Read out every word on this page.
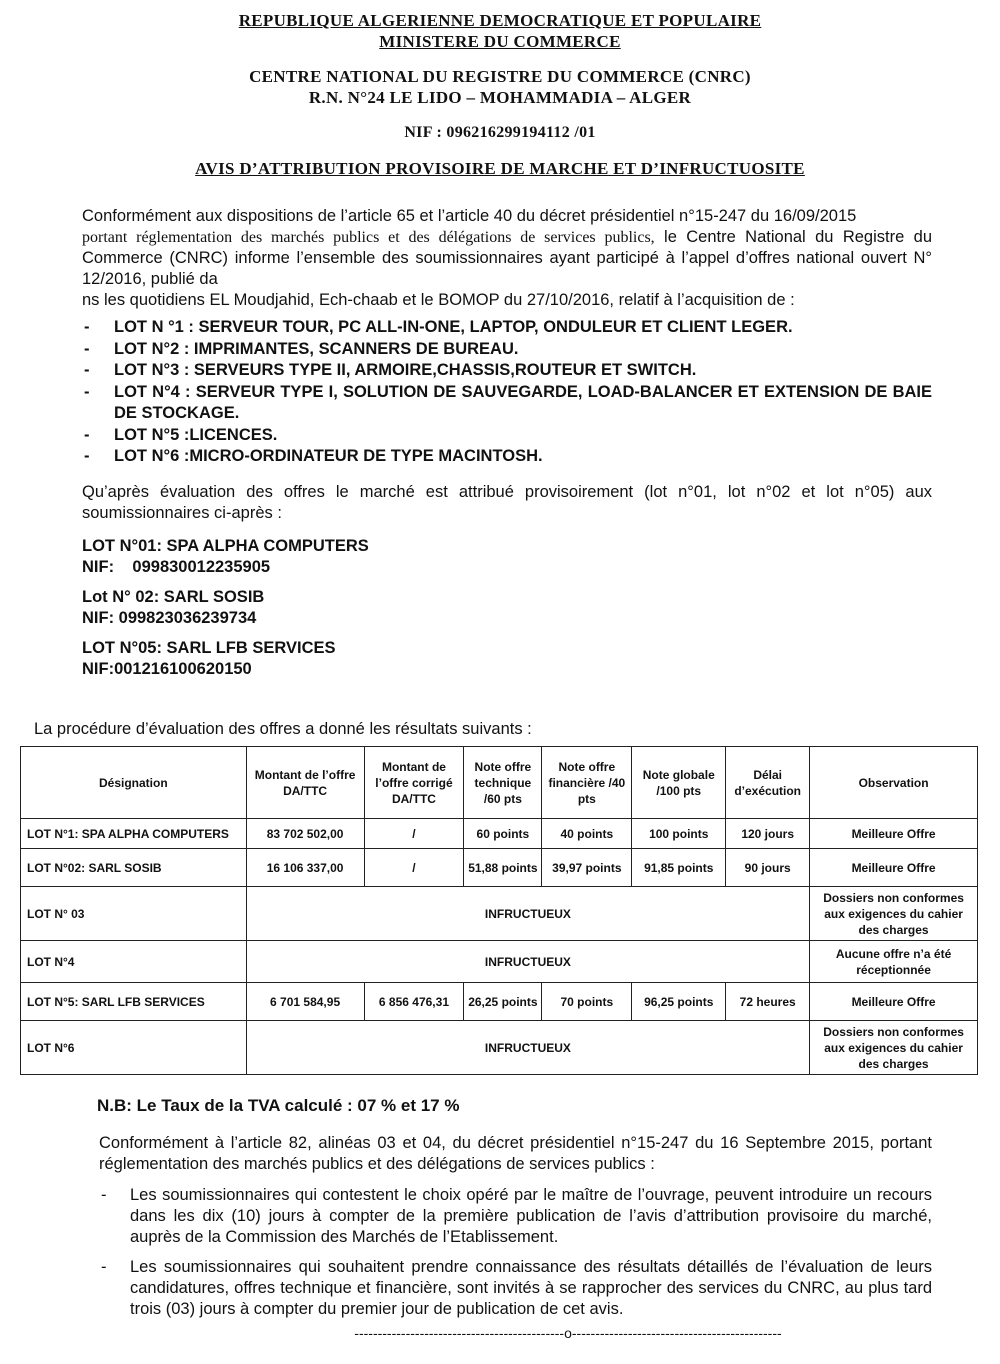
REPUBLIQUE ALGERIENNE DEMOCRATIQUE ET POPULAIRE
MINISTERE DU COMMERCE
CENTRE NATIONAL DU REGISTRE DU COMMERCE (CNRC)
R.N. N°24 LE LIDO – MOHAMMADIA – ALGER
NIF : 096216299194112 /01
AVIS D’ATTRIBUTION PROVISOIRE DE MARCHE ET D’INFRUCTUOSITE
Conformément aux dispositions de l’article 65 et l’article 40 du décret présidentiel n°15-247 du 16/09/2015
portant réglementation des marchés publics et des délégations de services publics, le Centre National du Registre du Commerce (CNRC) informe l’ensemble des soumissionnaires ayant participé à l’appel d’offres national ouvert N° 12/2016, publié da
ns les quotidiens EL Moudjahid, Ech-chaab et le BOMOP du 27/10/2016, relatif à l’acquisition de :
- LOT N °1 : SERVEUR TOUR, PC ALL-IN-ONE, LAPTOP, ONDULEUR ET CLIENT LEGER.
- LOT N°2 : IMPRIMANTES, SCANNERS DE BUREAU.
- LOT N°3 : SERVEURS TYPE II, ARMOIRE,CHASSIS,ROUTEUR ET SWITCH.
- LOT N°4 : SERVEUR TYPE I, SOLUTION DE SAUVEGARDE, LOAD-BALANCER ET EXTENSION DE BAIE DE STOCKAGE.
- LOT N°5 :LICENCES.
- LOT N°6 :MICRO-ORDINATEUR DE TYPE MACINTOSH.
Qu’après évaluation des offres le marché est attribué provisoirement (lot n°01, lot n°02 et lot n°05) aux soumissionnaires ci-après :
LOT N°01: SPA ALPHA COMPUTERS
NIF:    099830012235905
Lot N° 02: SARL SOSIB
NIF: 099823036239734
LOT N°05: SARL LFB SERVICES
NIF:001216100620150
La procédure d’évaluation des offres a donné les résultats suivants :
Désignation	Montant de l’offre DA/TTC	Montant de l’offre corrigé DA/TTC	Note offre technique /60 pts	Note offre financière /40 pts	Note globale /100 pts	Délai d’exécution	Observation
LOT N°1: SPA ALPHA COMPUTERS	83 702 502,00	/	60 points	40 points	100 points	120 jours	Meilleure Offre
LOT N°02: SARL SOSIB	16 106 337,00	/	51,88 points	39,97 points	91,85 points	90 jours	Meilleure Offre
LOT N° 03	INFRUCTUEUX						Dossiers non conformes aux exigences du cahier des charges
LOT N°4	INFRUCTUEUX						Aucune offre n’a été réceptionnée
LOT N°5: SARL LFB SERVICES	6 701 584,95	6 856 476,31	26,25 points	70 points	96,25 points	72 heures	Meilleure Offre
LOT N°6	INFRUCTUEUX						Dossiers non conformes aux exigences du cahier des charges
N.B: Le Taux de la TVA calculé : 07 % et 17 %
Conformément à l’article 82, alinéas 03 et 04, du décret présidentiel n°15-247 du 16 Septembre 2015, portant réglementation des marchés publics et des délégations de services publics :
- Les soumissionnaires qui contestent le choix opéré par le maître de l’ouvrage, peuvent introduire un recours dans les dix (10) jours à compter de la première publication de l’avis d’attribution provisoire du marché, auprès de la Commission des Marchés de l’Etablissement.
- Les soumissionnaires qui souhaitent prendre connaissance des résultats détaillés de l’évaluation de leurs candidatures, offres technique et financière, sont invités à se rapprocher des services du CNRC, au plus tard trois (03) jours à compter du premier jour de publication de cet avis.
---------------------------------------------o---------------------------------------------
